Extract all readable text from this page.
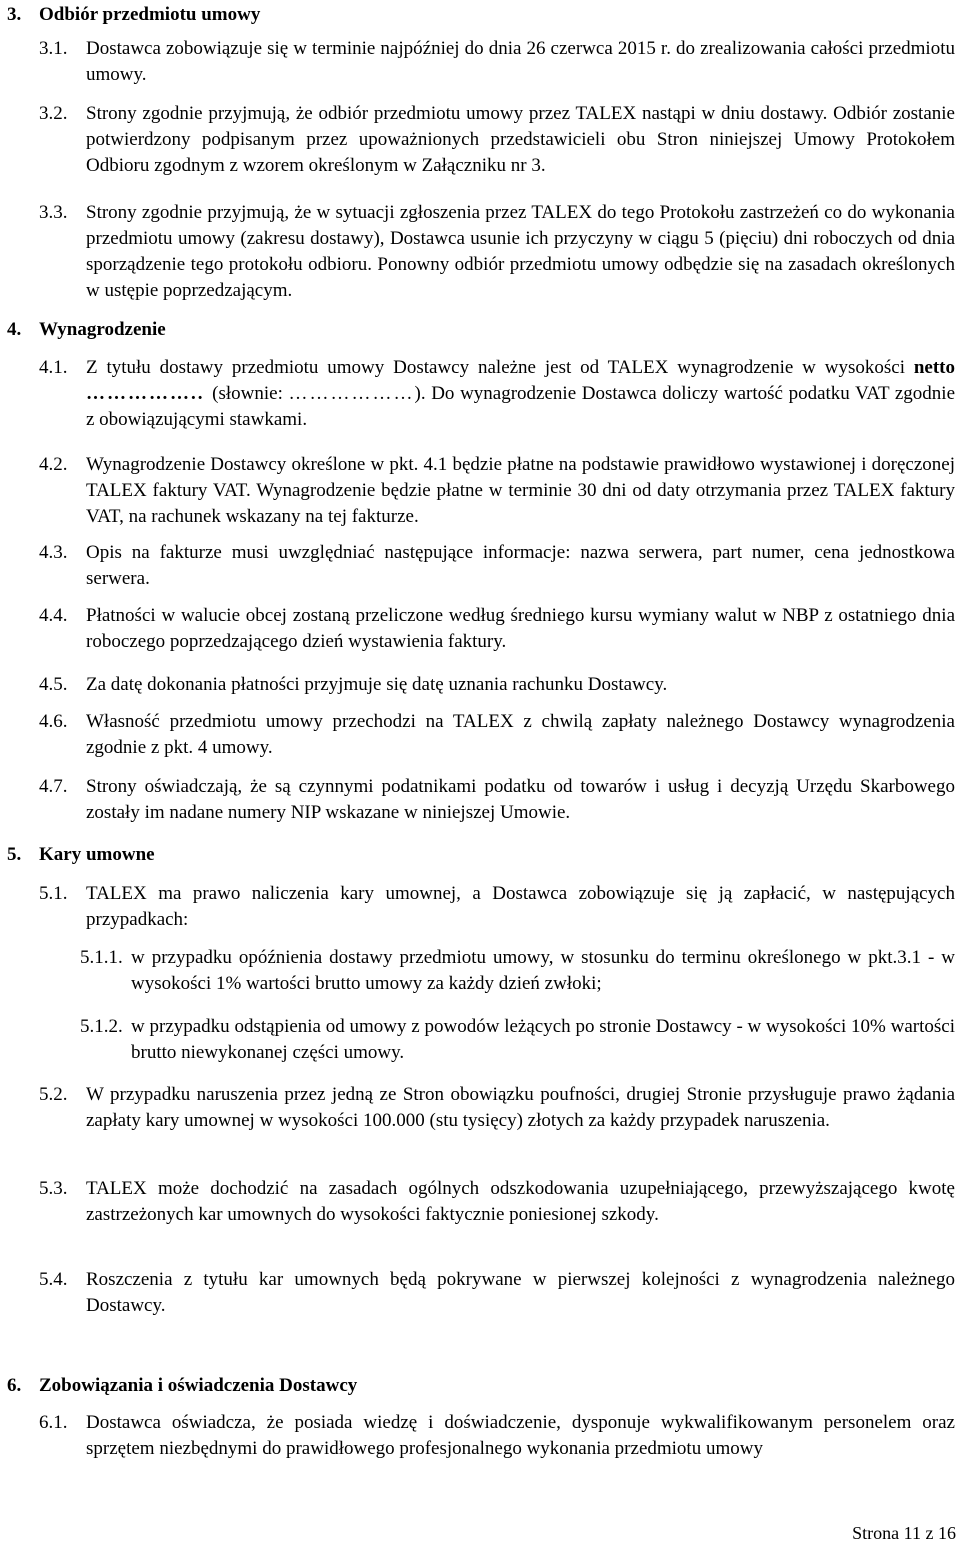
3. Odbiór przedmiotu umowy
3.1. Dostawca zobowiązuje się w terminie najpóźniej do dnia 26 czerwca 2015 r. do zrealizowania całości przedmiotu umowy.
3.2. Strony zgodnie przyjmują, że odbiór przedmiotu umowy przez TALEX nastąpi w dniu dostawy. Odbiór zostanie potwierdzony podpisanym przez upoważnionych przedstawicieli obu Stron niniejszej Umowy Protokołem Odbioru zgodnym z wzorem określonym w Załączniku nr 3.
3.3. Strony zgodnie przyjmują, że w sytuacji zgłoszenia przez TALEX do tego Protokołu zastrzeżeń co do wykonania przedmiotu umowy (zakresu dostawy), Dostawca usunie ich przyczyny w ciągu 5 (pięciu) dni roboczych od dnia sporządzenie tego protokołu odbioru. Ponowny odbiór przedmiotu umowy odbędzie się na zasadach określonych w ustępie poprzedzającym.
4. Wynagrodzenie
4.1. Z tytułu dostawy przedmiotu umowy Dostawcy należne jest od TALEX wynagrodzenie w wysokości netto …………….. (słownie: ………………). Do wynagrodzenie Dostawca doliczy wartość podatku VAT zgodnie z obowiązującymi stawkami.
4.2. Wynagrodzenie Dostawcy określone w pkt. 4.1 będzie płatne na podstawie prawidłowo wystawionej i doręczonej TALEX faktury VAT. Wynagrodzenie będzie płatne w terminie 30 dni od daty otrzymania przez TALEX faktury VAT, na rachunek wskazany na tej fakturze.
4.3. Opis na fakturze musi uwzględniać następujące informacje: nazwa serwera, part numer, cena jednostkowa serwera.
4.4. Płatności w walucie obcej zostaną przeliczone według średniego kursu wymiany walut w NBP z ostatniego dnia roboczego poprzedzającego dzień wystawienia faktury.
4.5. Za datę dokonania płatności przyjmuje się datę uznania rachunku Dostawcy.
4.6. Własność przedmiotu umowy przechodzi na TALEX z chwilą zapłaty należnego Dostawcy wynagrodzenia zgodnie z pkt. 4 umowy.
4.7. Strony oświadczają, że są czynnymi podatnikami podatku od towarów i usług i decyzją Urzędu Skarbowego zostały im nadane numery NIP wskazane w niniejszej Umowie.
5. Kary umowne
5.1. TALEX ma prawo naliczenia kary umownej, a Dostawca zobowiązuje się ją zapłacić, w następujących przypadkach:
5.1.1. w przypadku opóźnienia dostawy przedmiotu umowy, w stosunku do terminu określonego w pkt.3.1 - w wysokości 1% wartości brutto umowy za każdy dzień zwłoki;
5.1.2. w przypadku odstąpienia od umowy z powodów leżących po stronie Dostawcy - w wysokości 10% wartości brutto niewykonanej części umowy.
5.2. W przypadku naruszenia przez jedną ze Stron obowiązku poufności, drugiej Stronie przysługuje prawo żądania zapłaty kary umownej w wysokości 100.000 (stu tysięcy) złotych za każdy przypadek naruszenia.
5.3. TALEX może dochodzić na zasadach ogólnych odszkodowania uzupełniającego, przewyższającego kwotę zastrzeżonych kar umownych do wysokości faktycznie poniesionej szkody.
5.4. Roszczenia z tytułu kar umownych będą pokrywane w pierwszej kolejności z wynagrodzenia należnego Dostawcy.
6. Zobowiązania i oświadczenia Dostawcy
6.1. Dostawca oświadcza, że posiada wiedzę i doświadczenie, dysponuje wykwalifikowanym personelem oraz sprzętem niezbędnymi do prawidłowego profesjonalnego wykonania przedmiotu umowy
Strona 11 z 16
